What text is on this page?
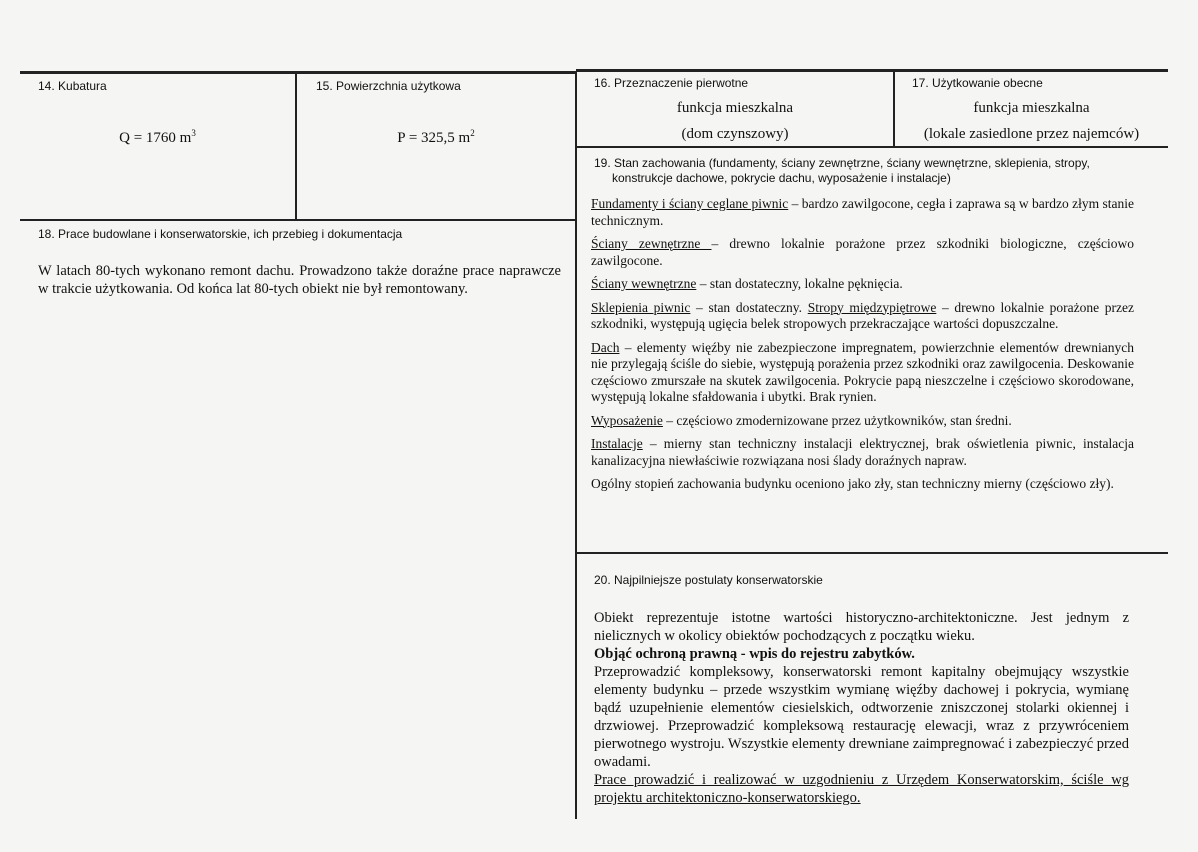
14. Kubatura
Q = 1760 $m^3$
15. Powierzchnia użytkowa
P = 325,5 $m^2$
16. Przeznaczenie pierwotne
funkcja mieszkalna
(dom czynszowy)
17. Użytkowanie obecne
funkcja mieszkalna
(lokale zasiedlone przez najemców)
18. Prace budowlane i konserwatorskie, ich przebieg i dokumentacja
W latach 80-tych wykonano remont dachu. Prowadzono także doraźne prace naprawcze w trakcie użytkowania. Od końca lat 80-tych obiekt nie był remontowany.
19. Stan zachowania (fundamenty, ściany zewnętrzne, ściany wewnętrzne, sklepienia, stropy,
konstrukcje dachowe, pokrycie dachu, wyposażenie i instalacje)

Fundamenty i ściany ceglane piwnic – bardzo zawilgocone, cegła i zaprawa są w bardzo złym stanie technicznym.

Ściany zewnętrzne – drewno lokalnie porażone przez szkodniki biologiczne, częściowo zawilgocone.

Ściany wewnętrzne – stan dostateczny, lokalne pęknięcia.

Sklepienia piwnic – stan dostateczny. Stropy międzypiętrowe – drewno lokalnie porażone przez szkodniki, występują ugięcia belek stropowych przekraczające wartości dopuszczalne.

Dach – elementy więźby nie zabezpieczone impregnatem, powierzchnie elementów drewnianych nie przylegają ściśle do siebie, występują porażenia przez szkodniki oraz zawilgocenia. Deskowanie częściowo zmurszałe na skutek zawilgocenia. Pokrycie papą nieszczelne i częściowo skorodowane, występują lokalne sfałdowania i ubytki. Brak rynien.

Wyposażenie – częściowo zmodernizowane przez użytkowników, stan średni.

Instalacje – mierny stan techniczny instalacji elektrycznej, brak oświetlenia piwnic, instalacja kanalizacyjna niewłaściwie rozwiązana nosi ślady doraźnych napraw.

Ogólny stopień zachowania budynku oceniono jako zły, stan techniczny mierny (częściowo zły).

20. Najpilniejsze postulaty konserwatorskie
Obiekt reprezentuje istotne wartości historyczno-architektoniczne. Jest jednym z nielicznych w okolicy obiektów pochodzących z początku wieku.
Objąć ochroną prawną - wpis do rejestru zabytków.
Przeprowadzić kompleksowy, konserwatorski remont kapitalny obejmujący wszystkie elementy budynku – przede wszystkim wymianę więźby dachowej i pokrycia, wymianę bądź uzupełnienie elementów ciesielskich, odtworzenie zniszczonej stolarki okiennej i drzwiowej. Przeprowadzić kompleksową restaurację elewacji, wraz z przywróceniem pierwotnego wystroju. Wszystkie elementy drewniane zaimpregnować i zabezpieczyć przed owadami.
Prace prowadzić i realizować w uzgodnieniu z Urzędem Konserwatorskim, ściśle wg projektu architektoniczno-konserwatorskiego.
